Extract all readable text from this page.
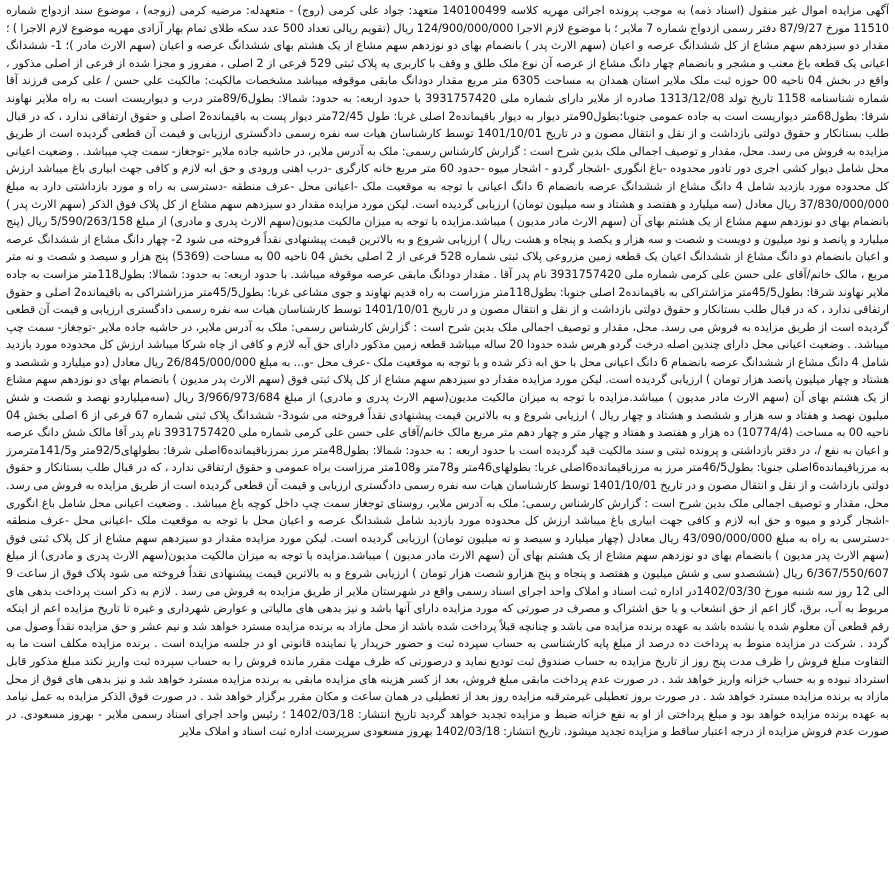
آگهی مزایده اموال غیر منقول (اسناد ذمه) به موجب پرونده اجرائی مهریه کلاسه 140100499 متعهد: جواد علی کرمی (روج) - متعهدله: مرضیه کرمی (زوجه) ، موضوع سند ازدواج شماره 11510 مورخ 87/9/27 دفتر رسمی ازدواج شماره 7 ملایر ؛ با موضوع لازم الاجرا 124/900/000/000 ریال (تقویم ریالی تعداد 500 عدد سکه طلای تمام بهار آزادی مهریه موضوع لازم الاجرا ) ؛ مقدار دو سیزدهم سهم مشاع از کل ششدانگ عرصه و اعیان (سهم الارث پدر ) بانضمام بهای دو نوزدهم سهم مشاع از یک هشتم بهای ششدانگ عرصه و اعیان (سهم الارث مادر )؛ 1- ششدانگ اعیانی یک قطعه باغ معنب و مشجر و بانضمام چهار دانگ مشاع از عرصه آن نوع ملک طلق و وقف با کاربری یه پلاک ثبتی 529 فرعی از 2 اصلی ، مفروز و مجزا شده از فرعی از اصلی مذکور ، واقع در بخش 04 ناحیه 00 حوزه ثبت ملک ملایر استان همدان به مساحت 6305 متر مربع مقدار دودانگ مابقی موقوفه میباشد مشخصات مالکیت: مالکیت علی حسن / علی کرمی فرزند آقا شماره شناسنامه 1158 تاریخ تولد 1313/12/08 صادره از ملایر دارای شماره ملی 3931757420 با حدود اربعه: به حدود: شمالا: بطول89/6متر درب و دیواریست است به راه ملایر نهاوند شرقا: بطول68متر دیواریست است به جاده عمومی جنوبا:بطول90متر دیوار به دیوار باقیمانده2 اصلی غربا: طول 72/45متر دیوار پست به باقیمانده2 اصلی و حقوق ارتفاقی ندارد ، که در قبال طلب بستانکار و حقوق دولتی بازداشت و از نقل و انتقال مصون و در تاریخ 1401/10/01 توسط کارشناسان هیات سه نفره رسمی دادگستری ارزیابی و قیمت آن قطعی گردیده است از طریق مزایده به فروش می رسد. محل، مقدار و توصیف اجمالی ملک بدین شرح است : گزارش کارشناس رسمی: ملک به آدرس ملایر، در حاشیه جاده ملایر -توجغاز- سمت چپ میباشد. . وضعیت اعیانی محل شامل دیوار کشی اجری دور تادور محدوده -باغ انگوری -اشجار گردو - اشجار میوه -حدود 60 متر مربع خانه کارگری -درب اهنی ورودی و حق ابه لازم و کافی جهت ابیاری باغ میباشد ارزش کل محدوده مورد بازدید شامل 4 دانگ مشاع از ششدانگ عرصه بانضمام 6 دانگ اعیانی با توجه به موقعیت ملک -اعیانی محل -عرف منطقه -دسترسی به راه و مورد بازداشتی دارد به مبلغ 37/830/000/000 ریال معادل (سه میلیارد و هفتصد و هشتاد و سه میلیون تومان) ارزیابی گردیده است. لیکن مورد مزایده مقدار دو سیزدهم سهم مشاع از کل پلاک فوق الذکر (سهم الارث پدر ) بانضمام بهای دو نوزدهم سهم مشاع از یک هشتم بهای آن (سهم الارث مادر مدیون ) میباشد.مزایده با توجه به میزان مالکیت مدیون(سهم الارث پدری و مادری) از مبلغ 5/590/263/158 ریال (پنج میلیارد و پانصد و نود میلیون و دویست و شصت و سه هزار و یکصد و پنجاه و هشت ریال ) ارزیابی شروع و به بالاترین قیمت پیشنهادی نقداً فروخته می شود 2- چهار دانگ مشاع از ششدانگ عرصه و اعیان بانضمام دو دانگ مشاع از ششدانگ اعیان یک قطعه زمین مزروعی پلاک ثبتی شماره 528 فرعی از 2 اصلی بخش 04 ناحیه 00 به مساحت (5369) پنج هزار و سیصد و شصت و نه متر مربع ، مالک خانم/آقای علی حسن علی کرمی شماره ملی 3931757420 نام پدر آقا . مقدار دودانگ مابقی عرصه موقوفه میباشد. با حدود اربعه: به حدود: شمالا: بطول118متر مزاست به جاده ملایر نهاوند شرقا: بطول45/5متر مزاشتراکی به باقیمانده2 اصلی جنوبا: بطول118متر مزراست به راه قدیم نهاوند و جوی مشاعی غربا: بطول45/5متر مزراشتراکی به باقیمانده2 اصلی و حقوق ارتفاقی ندارد ، که در قبال طلب بستانکار و حقوق دولتی بازداشت و از نقل و انتقال مصون و در تاریخ 1401/10/01 توسط کارشناسان هیات سه نفره رسمی دادگستری ارزیابی و قیمت آن قطعی گردیده است از طریق مزایده به فروش می رسد. محل، مقدار و توصیف اجمالی ملک بدین شرح است : گزارش کارشناس رسمی: ملک به آدرس ملایر، در حاشیه جاده ملایر -توجغاز- سمت چپ میباشد. . وضعیت اعیانی محل دارای چندین اصله درخت گردو هرس شده حدودا 20 ساله میباشد قطعه زمین مذکور دارای حق آبه لازم و کافی از چاه شرکا میباشد ارزش کل محدوده مورد بازدید شامل 4 دانگ مشاع از ششدانگ عرصه بانضمام 6 دانگ اعیانی محل با حق ابه ذکر شده و با توجه به موقعیت ملک -عرف محل -و... به مبلغ 26/845/000/000 ریال معادل (دو میلیارد و ششصد و هشتاد و چهار میلیون پانصد هزار تومان ) ارزیابی گردیده است. لیکن مورد مزایده مقدار دو سیزدهم سهم مشاع از کل پلاک ثبتی فوق (سهم الارث پدر مدیون ) بانضمام بهای دو نوزدهم سهم مشاع از یک هشتم بهای آن (سهم الارث مادر مدیون ) میباشد.مزایده با توجه به میزان مالکیت مدیون(سهم الارث پدری و مادری) از مبلغ 3/966/973/684 ریال (سه‌میلیاردو نهصد و شصت و شش میلیون نهصد و هفتاد و سه هزار و ششصد و هشتاد و چهار ریال ) ارزیابی شروع و به بالاترین قیمت پیشنهادی نقداً فروخته می شود3- ششدانگ پلاک ثبتی شماره 67 فرعی از 6 اصلی بخش 04 ناحیه 00 به مساحت (10774/4) ده هزار و هفتصد و هفتاد و چهار متر و چهار دهم متر مربع مالک خانم/آقای علی حسن علی کرمی شماره ملی 3931757420 نام پدر آقا مالک شش دانگ عرصه و اعیان به نفع /، در دفتر بازداشتی و پرونده ثبتی و سند مالکیت قید گردیده است با حدود اربعه : به حدود: شمالا: بطول48متر مرز بمرزباقیمانده6اصلی شرقا: بطولهای92/5متر و141/5مترمرز به مرزباقیمانده6اصلی جنوبا: بطول46/5متر مرز به مرزباقیمانده6اصلی غربا: بطولهای46متر و78متر و108متر مرزاست براه عمومی و حقوق ارتفاقی ندارد ، که در قبال طلب بستانکار و حقوق دولتی بازداشت و از نقل و انتقال مصون و در تاریخ 1401/10/01 توسط کارشناسان هیات سه نفره رسمی دادگستری ارزیابی و قیمت آن قطعی گردیده است از طریق مزایده به فروش می رسد. محل، مقدار و توصیف اجمالی ملک بدین شرح است : گزارش کارشناس رسمی: ملک به آدرس ملایر، روستای توجغاز سمت چپ داخل کوچه باغ میباشد. . وضعیت اعیانی محل شامل باغ انگوری -اشجار گردو و میوه و حق ابه لازم و کافی جهت ابیاری باغ میباشد ارزش کل محدوده مورد بازدید شامل ششدانگ عرصه و اعیان محل با توجه به موقعیت ملک -اعیانی محل -عرف منطقه -دسترسی به راه به مبلغ 43/090/000/000 ریال معادل (چهار میلیارد و سیصد و نه میلیون تومان) ارزیابی گردیده است. لیکن مورد مزایده مقدار دو سیزدهم سهم مشاع از کل پلاک ثبتی فوق (سهم الارث پدر مدیون ) بانضمام بهای دو نوزدهم سهم مشاع از یک هشتم بهای آن (سهم الارث مادر مدیون ) میباشد.مزایده با توجه به میزان مالکیت مدیون(سهم الارث پدری و مادری) از مبلغ 6/367/550/607 ریال (ششصدو سی و شش میلیون و هفتصد و پنجاه و پنج هزارو شصت هزار تومان ) ارزیابی شروع و به بالاترین قیمت پیشنهادی نقداً فروخته می شود پلاک فوق از ساعت 9 الی 12 روز سه شنبه مورخ 1402/03/30در اداره ثبت اسناد و املاک واحد اجرای اسناد رسمی واقع در شهرستان ملایر از طریق مزایده به فروش می رسد . لازم به ذکر است پرداخت بدهی های مربوط به آب، برق، گاز اعم از حق انشعاب و یا حق اشتراک و مصرف در صورتی که مورد مزایده دارای آنها باشد و نیز بدهی های مالیاتی و عوارض شهرداری و غیره تا تاریخ مزایده اعم از اینکه رقم قطعی آن معلوم شده یا نشده باشد به عهده برنده مزایده می باشد و چنانچه قبلاً پرداخت شده باشد از محل مازاد به برنده مزایده مسترد خواهد شد و نیم عشر و حق مزایده نقداً وصول می گردد . شرکت در مزایده منوط به پرداخت ده درصد از مبلغ پایه کارشناسی به حساب سپرده ثبت و حضور خریدار یا نماینده قانونی او در جلسه مزایده است . برنده مزایده مکلف است ما به التفاوت مبلغ فروش را ظرف مدت پنج روز از تاریخ مزایده به حساب صندوق ثبت تودیع نماید و درصورتی که ظرف مهلت مقرر مانده فروش را به حساب سپرده ثبت واریز نکند مبلغ مذکور قابل استرداد نبوده و به حساب خزانه واریز خواهد شد . در صورت عدم پرداخت مابقی مبلغ فروش، بعد از کسر هزینه های مزایده مابقی به برنده مزایده مسترد خواهد شد و نیز بدهی های فوق از محل مازاد به برنده مزایده مسترد خواهد شد . در صورت بروز تعطیلی غیرمترقبه مزایده روز بعد از تعطیلی در همان ساعت و مکان مقرر برگزار خواهد شد . در صورت فوق الذکر مزایده به عمل نیامد به عهده برنده مزایده خواهد بود و مبلغ پرداختی از او به نفع خزانه ضبط و مزایده تجدید خواهد گردید تاریخ انتشار: 1402/03/18 ؛ رئیس واحد اجرای اسناد رسمی ملایر - بهروز مسعودی. در صورت عدم فروش مزایده از درجه اعتبار ساقط و مزایده تجدید میشود. تاریخ انتشار: 1402/03/18 بهروز مسعودی سرپرست اداره ثبت اسناد و املاک ملایر
